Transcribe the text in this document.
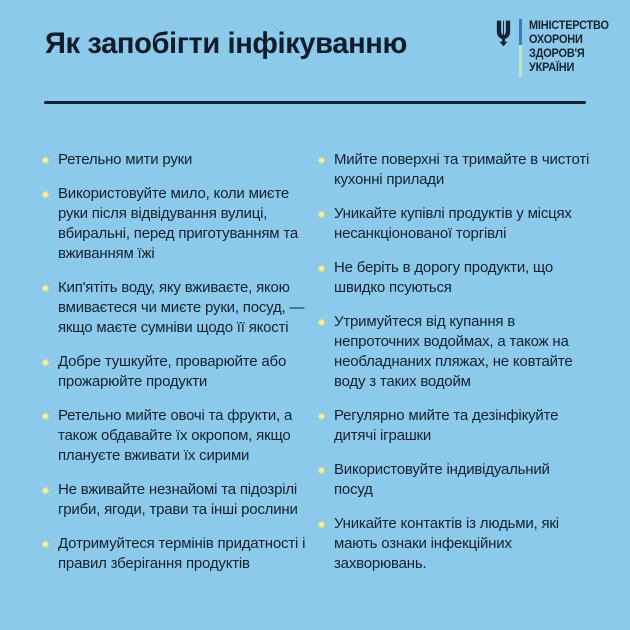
Як запобігти інфікуванню
МІНІСТЕРСТВО
ОХОРОНИ
ЗДОРОВ'Я
УКРАЇНИ
Ретельно мити руки
Використовуйте мило, коли миєте руки після відвідування вулиці, вбиральні, перед приготуванням та вживанням їжі
Кип'ятіть воду, яку вживаєте, якою вмиваєтеся чи миєте руки, посуд, — якщо маєте сумніви щодо її якості
Добре тушкуйте, проварюйте або прожарюйте продукти
Ретельно мийте овочі та фрукти, а також обдавайте їх окропом, якщо плануєте вживати їх сирими
Не вживайте незнайомі та підозрілі гриби, ягоди, трави та інші рослини
Дотримуйтеся термінів придатності і правил зберігання продуктів
Мийте поверхні та тримайте в чистоті кухонні прилади
Уникайте купівлі продуктів у місцях несанкціонованої торгівлі
Не беріть в дорогу продукти, що швидко псуються
Утримуйтеся від купання в непроточних водоймах, а також на необладнаних пляжах, не ковтайте воду з таких водойм
Регулярно мийте та дезінфікуйте дитячі іграшки
Використовуйте індивідуальний посуд
Уникайте контактів із людьми, які мають ознаки інфекційних захворювань.
